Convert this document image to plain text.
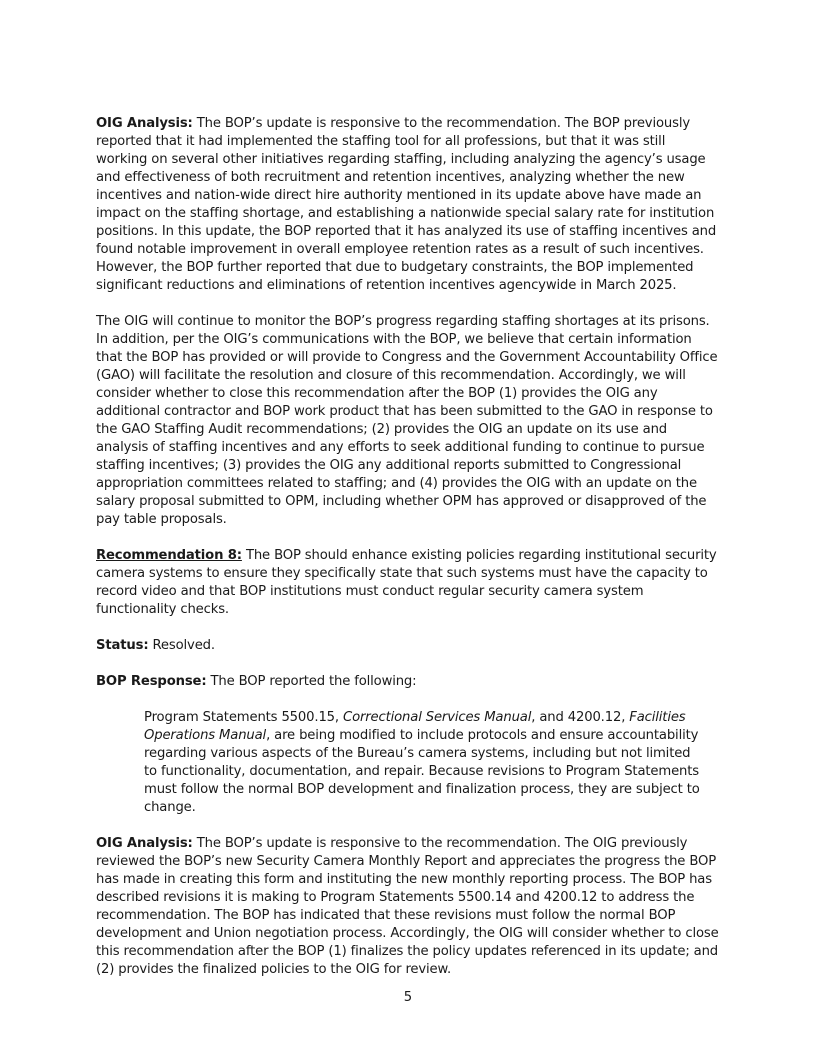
OIG Analysis: The BOP’s update is responsive to the recommendation. The BOP previously reported that it had implemented the staffing tool for all professions, but that it was still working on several other initiatives regarding staffing, including analyzing the agency’s usage and effectiveness of both recruitment and retention incentives, analyzing whether the new incentives and nation-wide direct hire authority mentioned in its update above have made an impact on the staffing shortage, and establishing a nationwide special salary rate for institution positions. In this update, the BOP reported that it has analyzed its use of staffing incentives and found notable improvement in overall employee retention rates as a result of such incentives. However, the BOP further reported that due to budgetary constraints, the BOP implemented significant reductions and eliminations of retention incentives agencywide in March 2025.

The OIG will continue to monitor the BOP’s progress regarding staffing shortages at its prisons. In addition, per the OIG’s communications with the BOP, we believe that certain information that the BOP has provided or will provide to Congress and the Government Accountability Office (GAO) will facilitate the resolution and closure of this recommendation. Accordingly, we will consider whether to close this recommendation after the BOP (1) provides the OIG any additional contractor and BOP work product that has been submitted to the GAO in response to the GAO Staffing Audit recommendations; (2) provides the OIG an update on its use and analysis of staffing incentives and any efforts to seek additional funding to continue to pursue staffing incentives; (3) provides the OIG any additional reports submitted to Congressional appropriation committees related to staffing; and (4) provides the OIG with an update on the salary proposal submitted to OPM, including whether OPM has approved or disapproved of the pay table proposals.

Recommendation 8: The BOP should enhance existing policies regarding institutional security camera systems to ensure they specifically state that such systems must have the capacity to record video and that BOP institutions must conduct regular security camera system functionality checks.

Status: Resolved.

BOP Response: The BOP reported the following:

Program Statements 5500.15, Correctional Services Manual, and 4200.12, Facilities Operations Manual, are being modified to include protocols and ensure accountability regarding various aspects of the Bureau’s camera systems, including but not limited to functionality, documentation, and repair. Because revisions to Program Statements must follow the normal BOP development and finalization process, they are subject to change.

OIG Analysis: The BOP’s update is responsive to the recommendation. The OIG previously reviewed the BOP’s new Security Camera Monthly Report and appreciates the progress the BOP has made in creating this form and instituting the new monthly reporting process. The BOP has described revisions it is making to Program Statements 5500.14 and 4200.12 to address the recommendation. The BOP has indicated that these revisions must follow the normal BOP development and Union negotiation process. Accordingly, the OIG will consider whether to close this recommendation after the BOP (1) finalizes the policy updates referenced in its update; and (2) provides the finalized policies to the OIG for review.

5
